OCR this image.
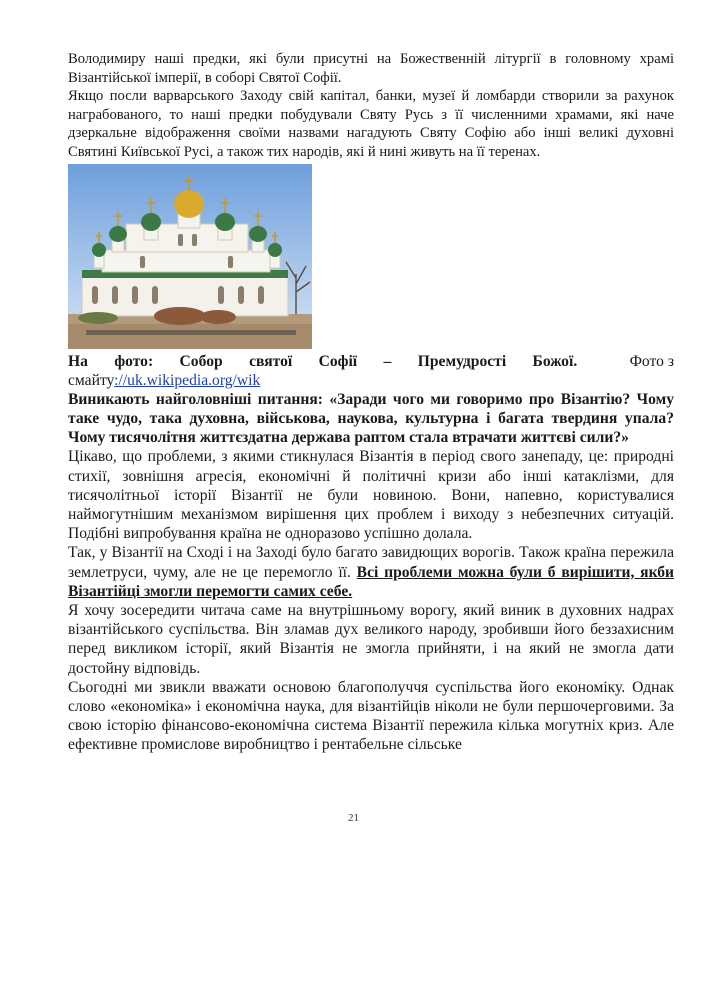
Володимиру наші предки, які були присутні на Божественній літургії в головному храмі Візантійської імперії, в соборі Святої Софії.

Якщо посли варварського Заходу свій капітал, банки, музеї й ломбарди створили за рахунок награбованого, то наші предки побудували Святу Русь з її численними храмами, які наче дзеркальне відображення своїми назвами нагадують Святу Софію або інші великі духовні Святині Київської Русі, а також тих народів, які й нині живуть на її теренах.

На фото: Собор святої Софії – Премудрості Божої.	Фото з
смайту://uk.wikipedia.org/wik

Виникають найголовніші питання: «Заради чого ми говоримо про Візантію? Чому таке чудо, така духовна, військова, наукова, культурна і багата твердиня упала? Чому тисячолітня життєздатна держава раптом стала втрачати життєві сили?»

Цікаво, що проблеми, з якими стикнулася Візантія в період свого занепаду, це: природні стихії, зовнішня агресія, економічні й політичні кризи або інші катаклізми, для тисячолітньої історії Візантії не були новиною. Вони, напевно, користувалися наймогутнішим механізмом вирішення цих проблем і виходу з небезпечних ситуацій. Подібні випробування країна не одноразово успішно долала.

Так, у Візантії на Сході і на Заході було багато завидющих ворогів. Також країна пережила землетруси, чуму, але не це перемогло її. Всі проблеми можна були б вирішити, якби Візантійці змогли перемогти самих себе.

Я хочу зосередити читача саме на внутрішньому ворогу, який виник в духовних надрах візантійського суспільства. Він зламав дух великого народу, зробивши його беззахисним перед викликом історії, який Візантія не змогла прийняти, і на який не змогла дати достойну відповідь.

Сьогодні ми звикли вважати основою благополуччя суспільства його економіку. Однак слово «економіка» і економічна наука, для візантійців ніколи не були першочерговими. За свою історію фінансово-економічна система Візантії пережила кілька могутніх криз. Але ефективне промислове виробництво і рентабельне сільське

21
